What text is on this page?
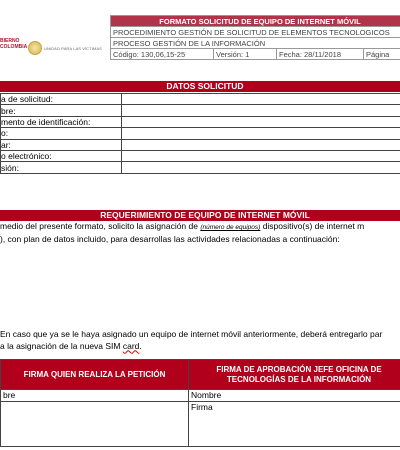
BIERNO
COLOMBIA	UNIDAD PARA LAS VÍCTIMAS
FORMATO SOLICITUD DE EQUIPO DE INTERNET MÓVIL
PROCEDIMIENTO GESTIÓN DE SOLICITUD DE ELEMENTOS TECNOLOGICOS
PROCESO GESTIÓN DE LA INFORMACIÓN
Código: 130,06,15-25	Versión: 1	Fecha: 28/11/2018	Página
DATOS SOLICITUD
a de solicitud:	
bre:	
mento de identificación:	
o:	
ar:	
o electrónico:	
sión:	
REQUERIMIENTO DE EQUIPO DE INTERNET MÓVIL
medio del presente formato, solicito la asignación de (número de equipos) dispositivo(s) de internet m
), con plan de datos incluido, para desarrollas las actividades relacionadas a continuación:
En caso que ya se le haya asignado un equipo de internet móvil anteriormente, deberá entregarlo par
a la asignación de la nueva SIM card.
FIRMA QUIEN REALIZA LA PETICIÓN	FIRMA DE APROBACIÓN JEFE OFICINA DE
TECNOLOGÍAS DE LA INFORMACIÓN

bre	Nombre
	Firma
